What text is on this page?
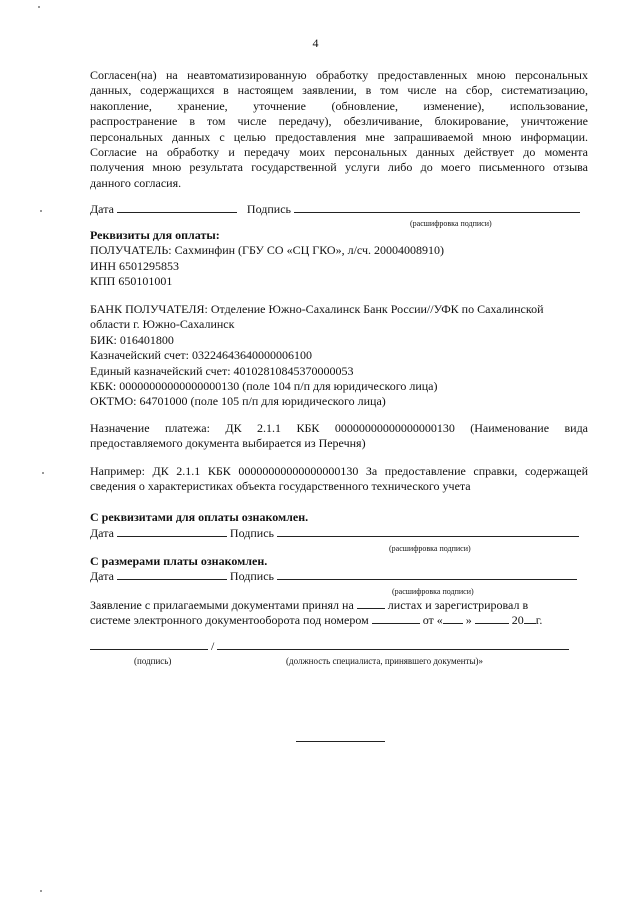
4
Согласен(на) на неавтоматизированную обработку предоставленных мною персональных
данных, содержащихся в настоящем заявлении, в том числе на сбор, систематизацию,
накопление, хранение, уточнение (обновление, изменение), использование,
распространение в том числе передачу), обезличивание, блокирование, уничтожение
персональных данных с целью предоставления мне запрашиваемой мною информации.
Согласие на обработку и передачу моих персональных данных действует до момента
получения мною результата государственной услуги либо до моего письменного отзыва
данного согласия.
Дата	Подпись
(расшифровка подписи)
Реквизиты для оплаты:
ПОЛУЧАТЕЛЬ: Сахминфин (ГБУ СО «СЦ ГКО», л/сч. 20004008910)
ИНН 6501295853
КПП 650101001
БАНК ПОЛУЧАТЕЛЯ: Отделение Южно-Сахалинск Банк России//УФК по Сахалинской
области г. Южно-Сахалинск
БИК: 016401800
Казначейский счет: 03224643640000006100
Единый казначейский счет: 40102810845370000053
КБК: 00000000000000000130 (поле 104 п/п для юридического лица)
ОКТМО: 64701000 (поле 105 п/п для юридического лица)
Назначение платежа: ДК 2.1.1 КБК 00000000000000000130 (Наименование вида
предоставляемого документа выбирается из Перечня)
Например: ДК 2.1.1 КБК 00000000000000000130 За предоставление справки, содержащей
сведения о характеристиках объекта государственного технического учета
С реквизитами для оплаты ознакомлен.
Дата	Подпись
(расшифровка подписи)
С размерами платы ознакомлен.
Дата	Подпись
(расшифровка подписи)
Заявление с прилагаемыми документами принял на	листах и зарегистрировал в
системе электронного документооборота под номером	от « »	20 г.
/
(подпись)	(должность специалиста, принявшего документы)»
